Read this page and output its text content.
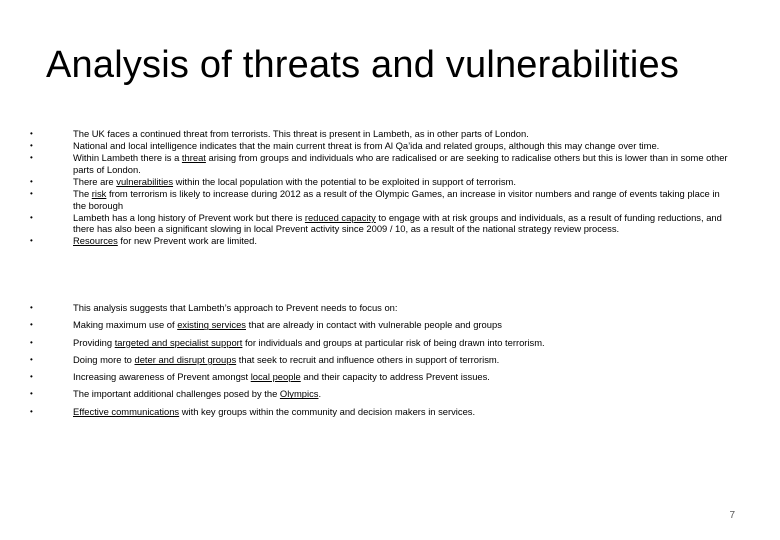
Analysis of threats and vulnerabilities
•	The UK faces a continued threat from terrorists. This threat is present in Lambeth, as in other parts of London.
•	National and local intelligence indicates that the main current threat is from Al Qa’ida and related groups, although this may change over time.
•	Within Lambeth there is a threat arising from groups and individuals who are radicalised or are seeking to radicalise others but this is lower than in some other parts of London.
•	There are vulnerabilities within the local population with the potential to be exploited in support of terrorism.
•	The risk from terrorism is likely to increase during 2012 as a result of the Olympic Games, an increase in visitor numbers and range of events taking place in the borough
•	Lambeth has a long history of Prevent work but there is reduced capacity to engage with at risk groups and individuals, as a result of funding reductions, and there has also been a significant slowing in local Prevent activity since 2009 / 10, as a result of the national strategy review process.
•	Resources for new Prevent work are limited.
•	This analysis suggests that Lambeth’s approach to Prevent needs to focus on:
•	Making maximum use of existing services that are already in contact with vulnerable people and groups
•	Providing targeted and specialist support for individuals and groups at particular risk of being drawn into terrorism.
•	Doing more to deter and disrupt groups that seek to recruit and influence others in support of terrorism.
•	Increasing awareness of Prevent amongst local people and their capacity to address Prevent issues.
•	The important additional challenges posed by the Olympics.
•	Effective communications with key groups within the community and decision makers in services.
7
